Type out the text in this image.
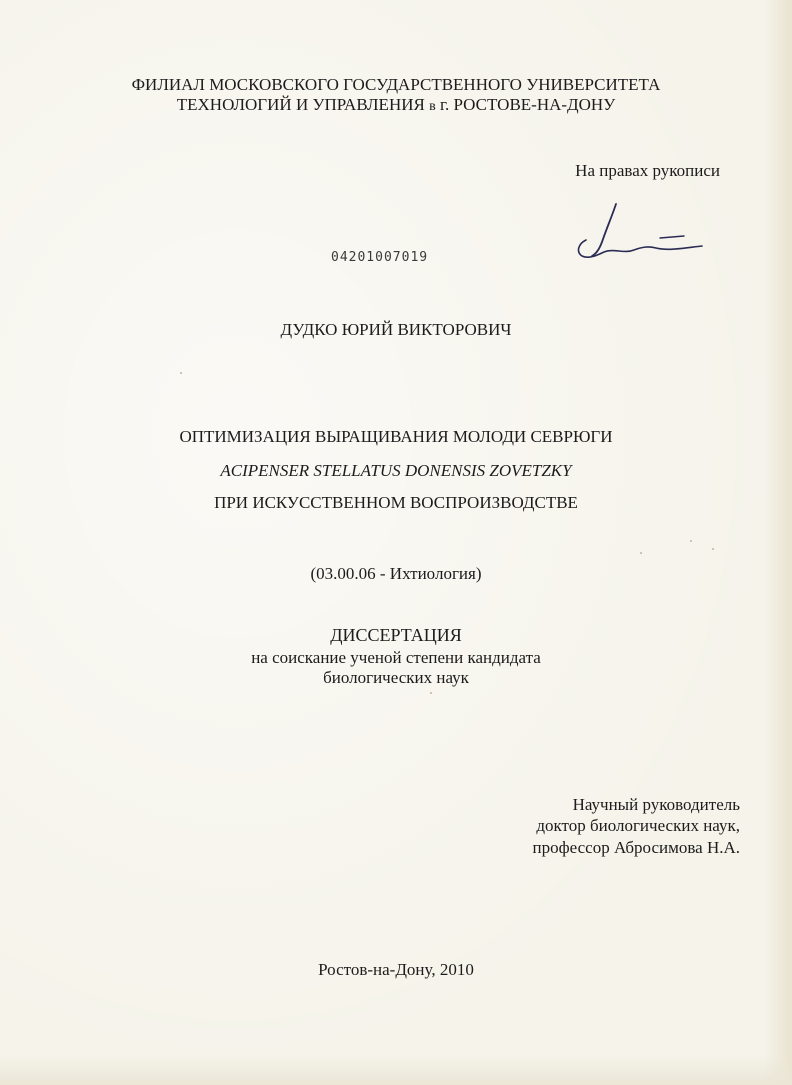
ФИЛИАЛ МОСКОВСКОГО ГОСУДАРСТВЕННОГО УНИВЕРСИТЕТА
ТЕХНОЛОГИЙ И УПРАВЛЕНИЯ в г. РОСТОВЕ-НА-ДОНУ
На правах рукописи
04201007019
ДУДКО ЮРИЙ ВИКТОРОВИЧ
ОПТИМИЗАЦИЯ ВЫРАЩИВАНИЯ МОЛОДИ СЕВРЮГИ
ACIPENSER STELLATUS DONENSIS ZOVETZKY
ПРИ ИСКУССТВЕННОМ ВОСПРОИЗВОДСТВЕ
(03.00.06 - Ихтиология)
ДИССЕРТАЦИЯ
на соискание ученой степени кандидата
биологических наук
Научный руководитель
доктор биологических наук,
профессор Абросимова Н.А.
Ростов-на-Дону, 2010
